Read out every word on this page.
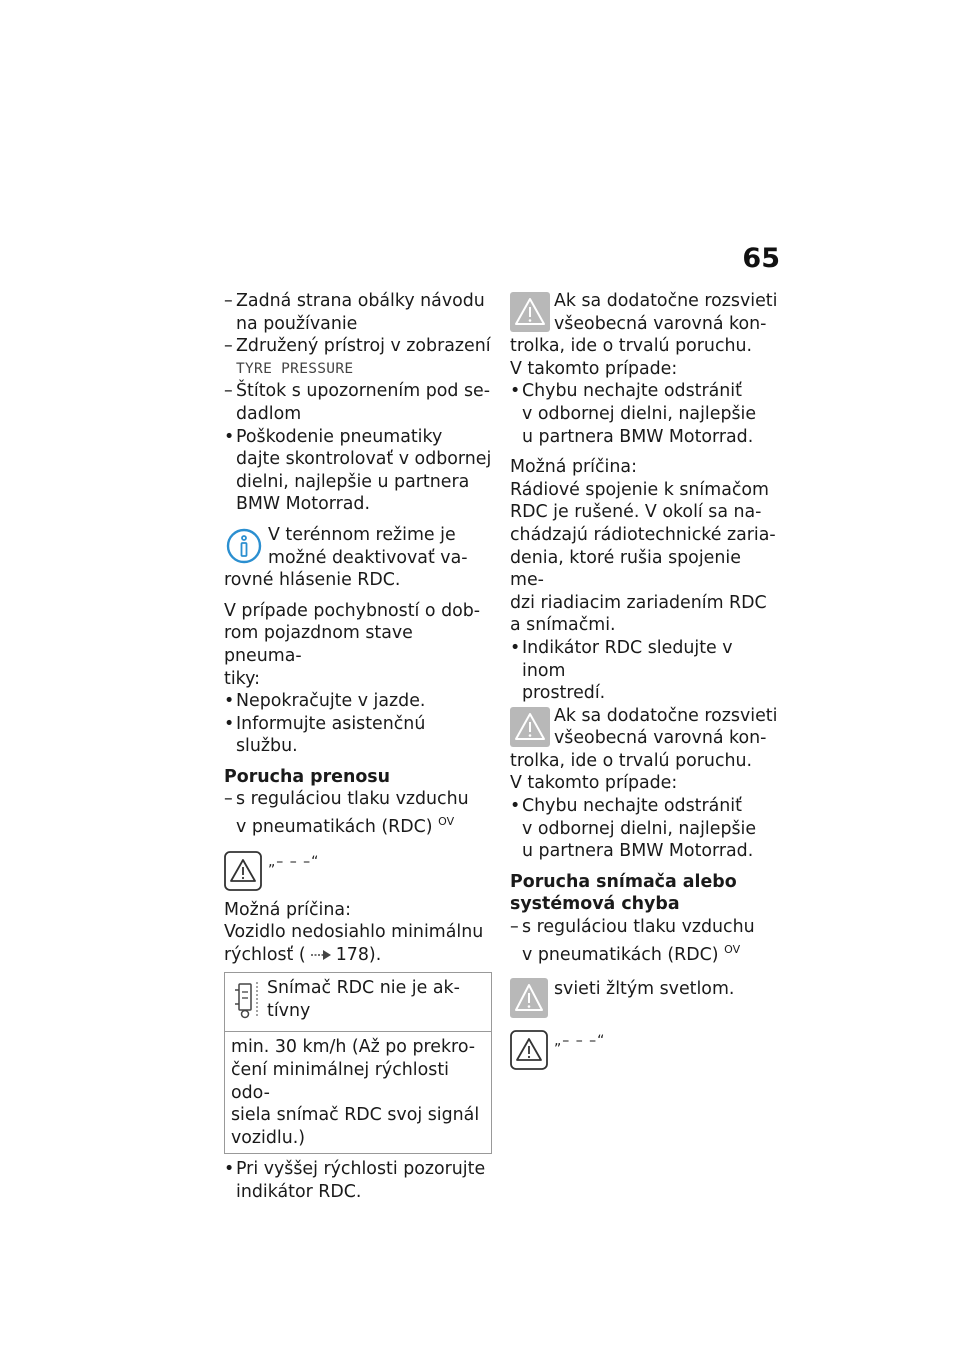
65
– Zadná strana obálky návodu
na používanie
– Združený prístroj v zobrazení
TYRE PRESSURE
– Štítok s upozornením pod se-
dadlom
• Poškodenie pneumatiky
dajte skontrolovať v odbornej
dielni, najlepšie u partnera
BMW Motorrad.
V terénnom režime je
možné deaktivovať va-
rovné hlásenie RDC.

V prípade pochybností o dob-
rom pojazdnom stave pneuma-
tiky:

• Nepokračujte v jazde.
• Informujte asistenčnú službu.
Porucha prenosu
– s reguláciou tlaku vzduchu
v pneumatikách (RDC) $^{OV}$
„– – –“

Možná príčina:

Vozidlo nedosiahlo minimálnu

rýchlosť ( 178).

Snímač RDC nie je ak-
tívny
min. 30 km/h (Až po prekro-
čení minimálnej rýchlosti odo-
siela snímač RDC svoj signál
vozidlu.)
• Pri vyššej rýchlosti pozorujte
indikátor RDC.
Ak sa dodatočne rozsvieti
všeobecná varovná kon-
trolka, ide o trvalú poruchu.
V takomto prípade:
• Chybu nechajte odstrániť
v odbornej dielni, najlepšie
u partnera BMW Motorrad.

Možná príčina:

Rádiové spojenie k snímačom
RDC je rušené. V okolí sa na-
chádzajú rádiotechnické zaria-
denia, ktoré rušia spojenie me-
dzi riadiacim zariadením RDC
a snímačmi.
• Indikátor RDC sledujte v inom
prostredí.
Ak sa dodatočne rozsvieti
všeobecná varovná kon-
trolka, ide o trvalú poruchu.
V takomto prípade:
• Chybu nechajte odstrániť
v odbornej dielni, najlepšie
u partnera BMW Motorrad.
Porucha snímača alebo
systémová chyba
– s reguláciou tlaku vzduchu
v pneumatikách (RDC) $^{OV}$
svieti žltým svetlom.
„– – –“
